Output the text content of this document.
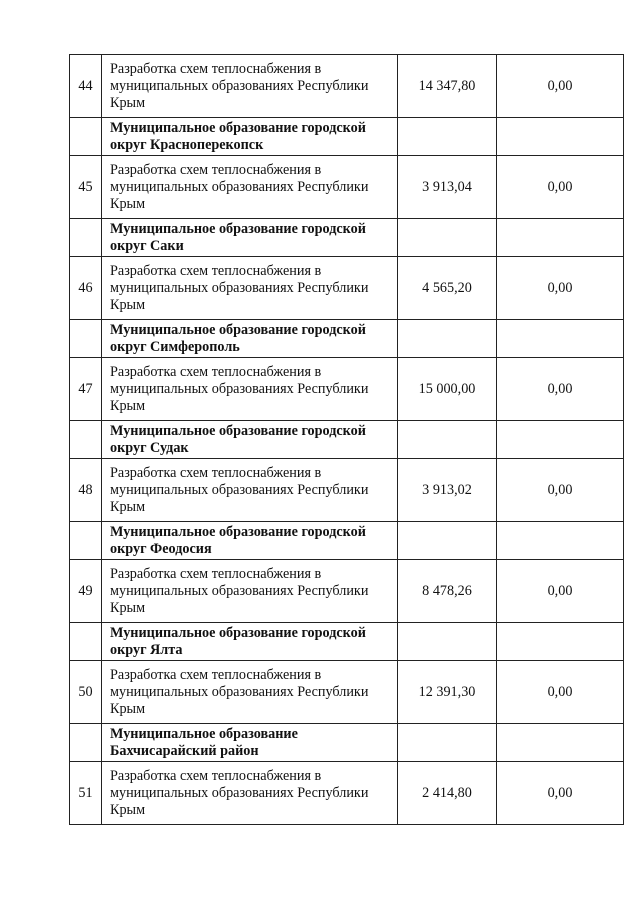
44	Разработка схем теплоснабжения в муниципальных образованиях Республики Крым	14 347,80	0,00
	Муниципальное образование городской округ Красноперекопск		
45	Разработка схем теплоснабжения в муниципальных образованиях Республики Крым	3 913,04	0,00
	Муниципальное образование городской округ Саки		
46	Разработка схем теплоснабжения в муниципальных образованиях Республики Крым	4 565,20	0,00
	Муниципальное образование городской округ Симферополь		
47	Разработка схем теплоснабжения в муниципальных образованиях Республики Крым	15 000,00	0,00
	Муниципальное образование городской округ Судак		
48	Разработка схем теплоснабжения в муниципальных образованиях Республики Крым	3 913,02	0,00
	Муниципальное образование городской округ Феодосия		
49	Разработка схем теплоснабжения в муниципальных образованиях Республики Крым	8 478,26	0,00
	Муниципальное образование городской округ Ялта		
50	Разработка схем теплоснабжения в муниципальных образованиях Республики Крым	12 391,30	0,00
	Муниципальное образование Бахчисарайский район		
51	Разработка схем теплоснабжения в муниципальных образованиях Республики Крым	2 414,80	0,00
